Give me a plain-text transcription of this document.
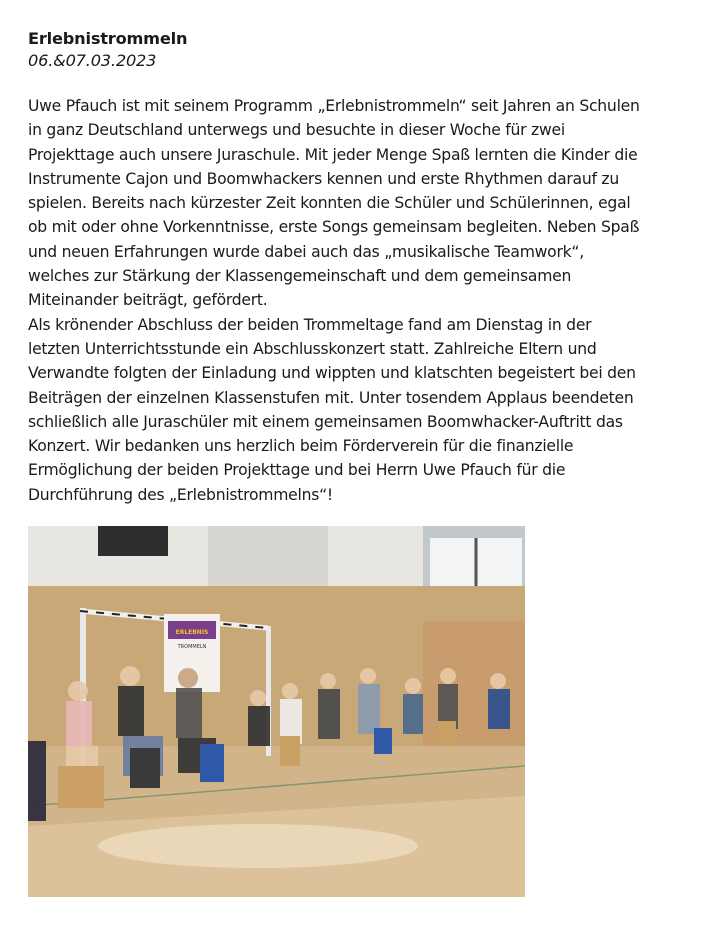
Erlebnistrommeln

06.&07.03.2023

Uwe Pfauch ist mit seinem Programm „Erlebnistrommeln“ seit Jahren an Schulen
in ganz Deutschland unterwegs und besuchte in dieser Woche für zwei
Projekttage auch unsere Juraschule. Mit jeder Menge Spaß lernten die Kinder die
Instrumente Cajon und Boomwhackers kennen und erste Rhythmen darauf zu
spielen. Bereits nach kürzester Zeit konnten die Schüler und Schülerinnen, egal
ob mit oder ohne Vorkenntnisse, erste Songs gemeinsam begleiten. Neben Spaß
und neuen Erfahrungen wurde dabei auch das „musikalische Teamwork“,
welches zur Stärkung der Klassengemeinschaft und dem gemeinsamen
Miteinander beiträgt, gefördert.
Als krönender Abschluss der beiden Trommeltage fand am Dienstag in der
letzten Unterrichtsstunde ein Abschlusskonzert statt. Zahlreiche Eltern und
Verwandte folgten der Einladung und wippten und klatschten begeistert bei den
Beiträgen der einzelnen Klassenstufen mit. Unter tosendem Applaus beendeten
schließlich alle Juraschüler mit einem gemeinsamen Boomwhacker-Auftritt das
Konzert. Wir bedanken uns herzlich beim Förderverein für die finanzielle
Ermöglichung der beiden Projekttage und bei Herrn Uwe Pfauch für die
Durchführung des „Erlebnistrommelns“!

ERLEBNIS
TROMMELN
